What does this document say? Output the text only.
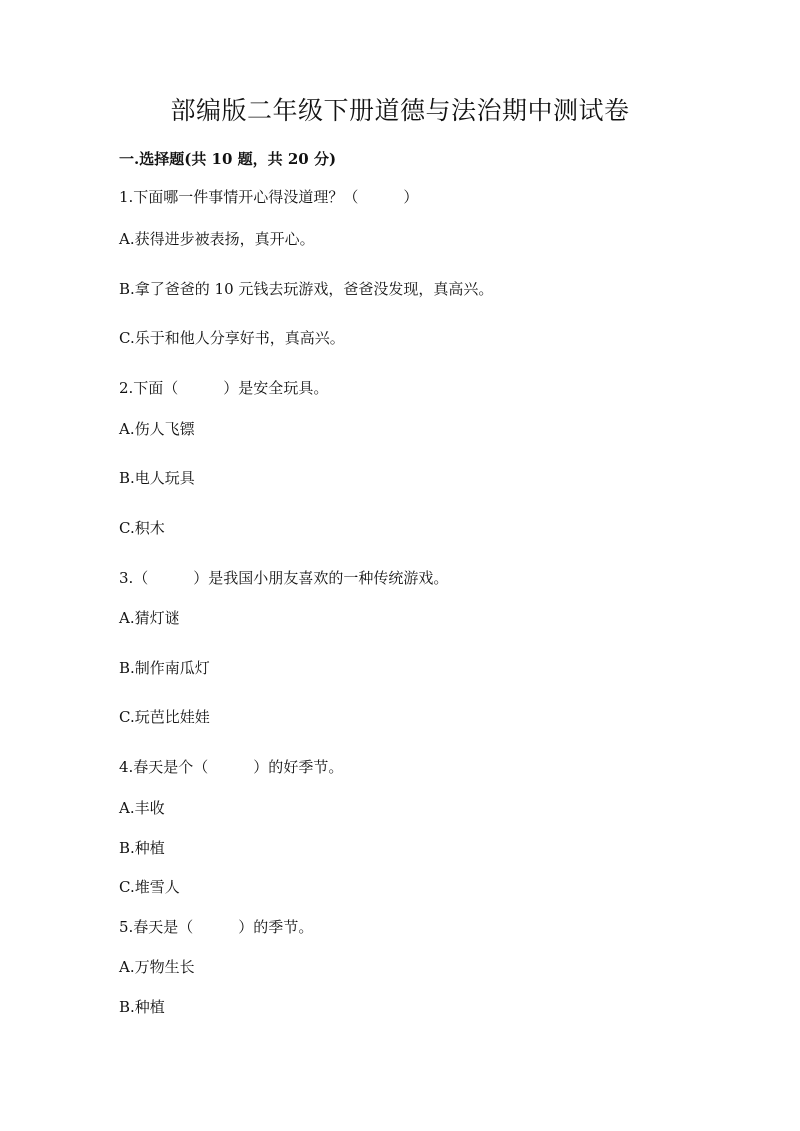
部编版二年级下册道德与法治期中测试卷
一.选择题(共 10 题，共 20 分)

1.下面哪一件事情开心得没道理？（　　　）

A.获得进步被表扬，真开心。

B.拿了爸爸的 10 元钱去玩游戏，爸爸没发现，真高兴。

C.乐于和他人分享好书，真高兴。

2.下面（　　　）是安全玩具。

A.伤人飞镖

B.电人玩具

C.积木

3.（　　　）是我国小朋友喜欢的一种传统游戏。

A.猜灯谜

B.制作南瓜灯

C.玩芭比娃娃

4.春天是个（　　　）的好季节。

A.丰收

B.种植

C.堆雪人

5.春天是（　　　）的季节。

A.万物生长

B.种植
